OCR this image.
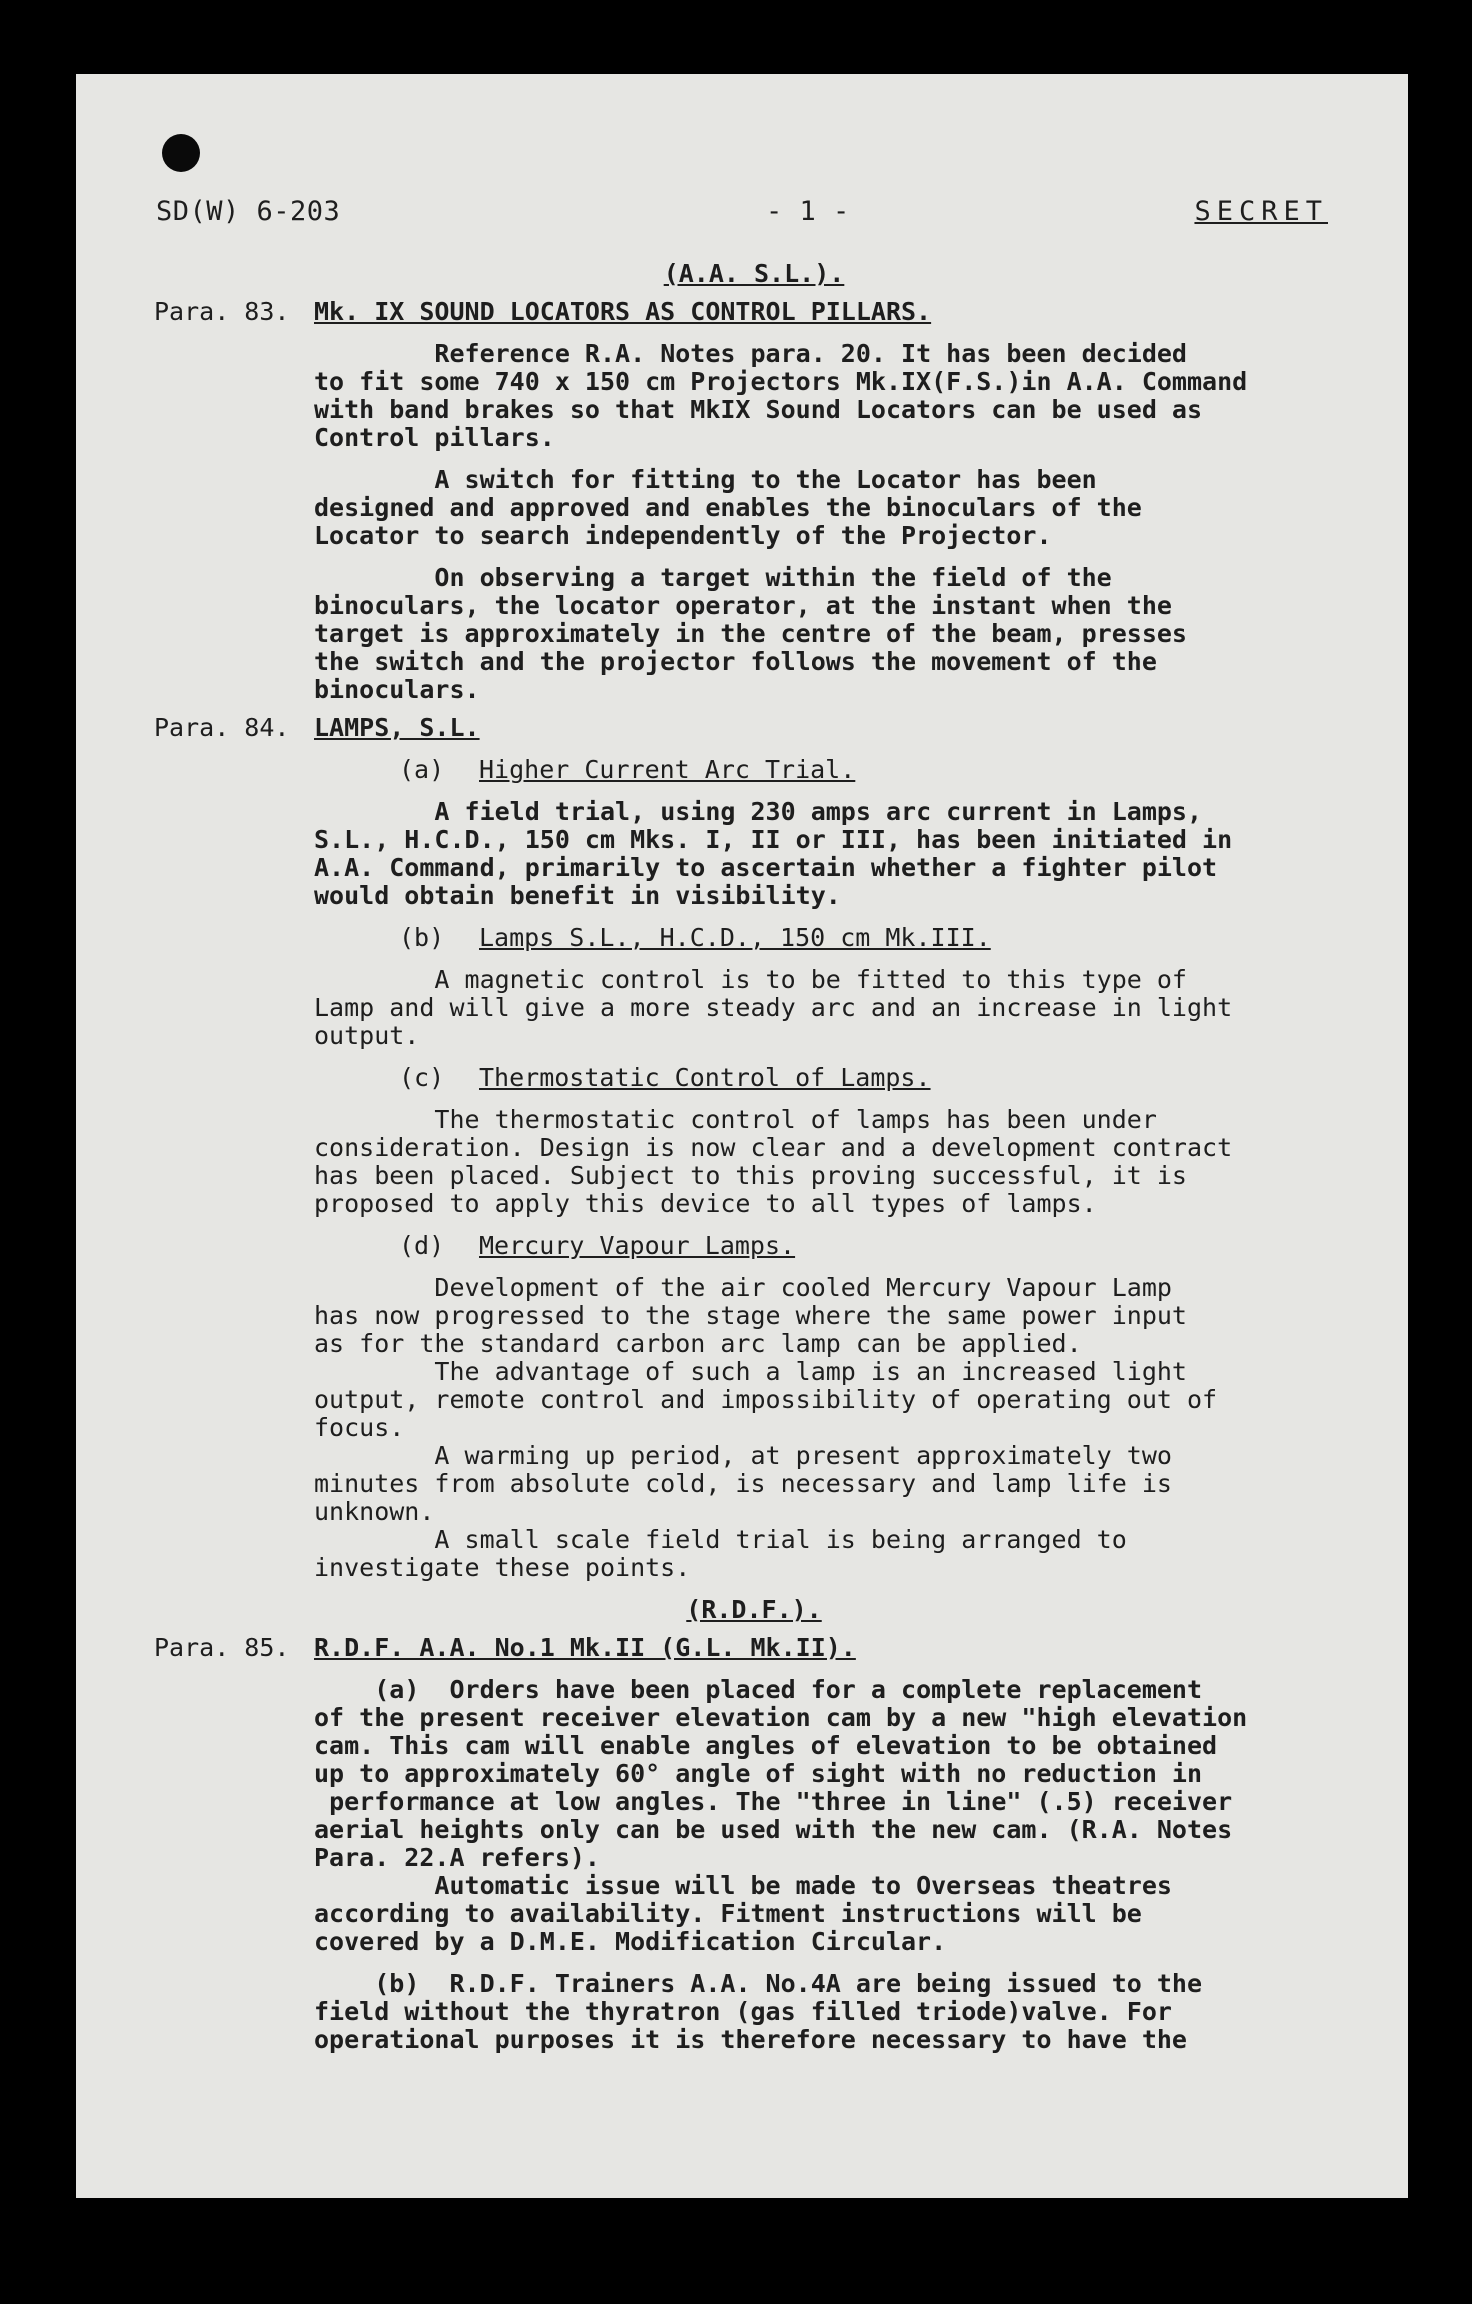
SD(W) 6-203	- 1 -	SECRET
(A.A. S.L.).
Para. 83. Mk. IX SOUND LOCATORS AS CONTROL PILLARS.
Reference R.A. Notes para. 20. It has been decided
to fit some 740 x 150 cm Projectors Mk.IX(F.S.)in A.A. Command
with band brakes so that MkIX Sound Locators can be used as
Control pillars.
A switch for fitting to the Locator has been
designed and approved and enables the binoculars of the
Locator to search independently of the Projector.
On observing a target within the field of the
binoculars, the locator operator, at the instant when the
target is approximately in the centre of the beam, presses
the switch and the projector follows the movement of the
binoculars.
Para. 84. LAMPS, S.L.
(a) Higher Current Arc Trial.
A field trial, using 230 amps arc current in Lamps,
S.L., H.C.D., 150 cm Mks. I, II or III, has been initiated in
A.A. Command, primarily to ascertain whether a fighter pilot
would obtain benefit in visibility.
(b) Lamps S.L., H.C.D., 150 cm Mk.III.
A magnetic control is to be fitted to this type of
Lamp and will give a more steady arc and an increase in light
output.
(c) Thermostatic Control of Lamps.
The thermostatic control of lamps has been under
consideration. Design is now clear and a development contract
has been placed. Subject to this proving successful, it is
proposed to apply this device to all types of lamps.
(d) Mercury Vapour Lamps.
Development of the air cooled Mercury Vapour Lamp
has now progressed to the stage where the same power input
as for the standard carbon arc lamp can be applied.
The advantage of such a lamp is an increased light
output, remote control and impossibility of operating out of
focus.
A warming up period, at present approximately two
minutes from absolute cold, is necessary and lamp life is
unknown.
A small scale field trial is being arranged to
investigate these points.
(R.D.F.).
Para. 85. R.D.F. A.A. No.1 Mk.II (G.L. Mk.II).
(a)  Orders have been placed for a complete replacement
of the present receiver elevation cam by a new "high elevation
cam. This cam will enable angles of elevation to be obtained
up to approximately 60° angle of sight with no reduction in
performance at low angles. The "three in line" (.5) receiver
aerial heights only can be used with the new cam. (R.A. Notes
Para. 22.A refers).
Automatic issue will be made to Overseas theatres
according to availability. Fitment instructions will be
covered by a D.M.E. Modification Circular.
(b)  R.D.F. Trainers A.A. No.4A are being issued to the
field without the thyratron (gas filled triode)valve. For
operational purposes it is therefore necessary to have the
